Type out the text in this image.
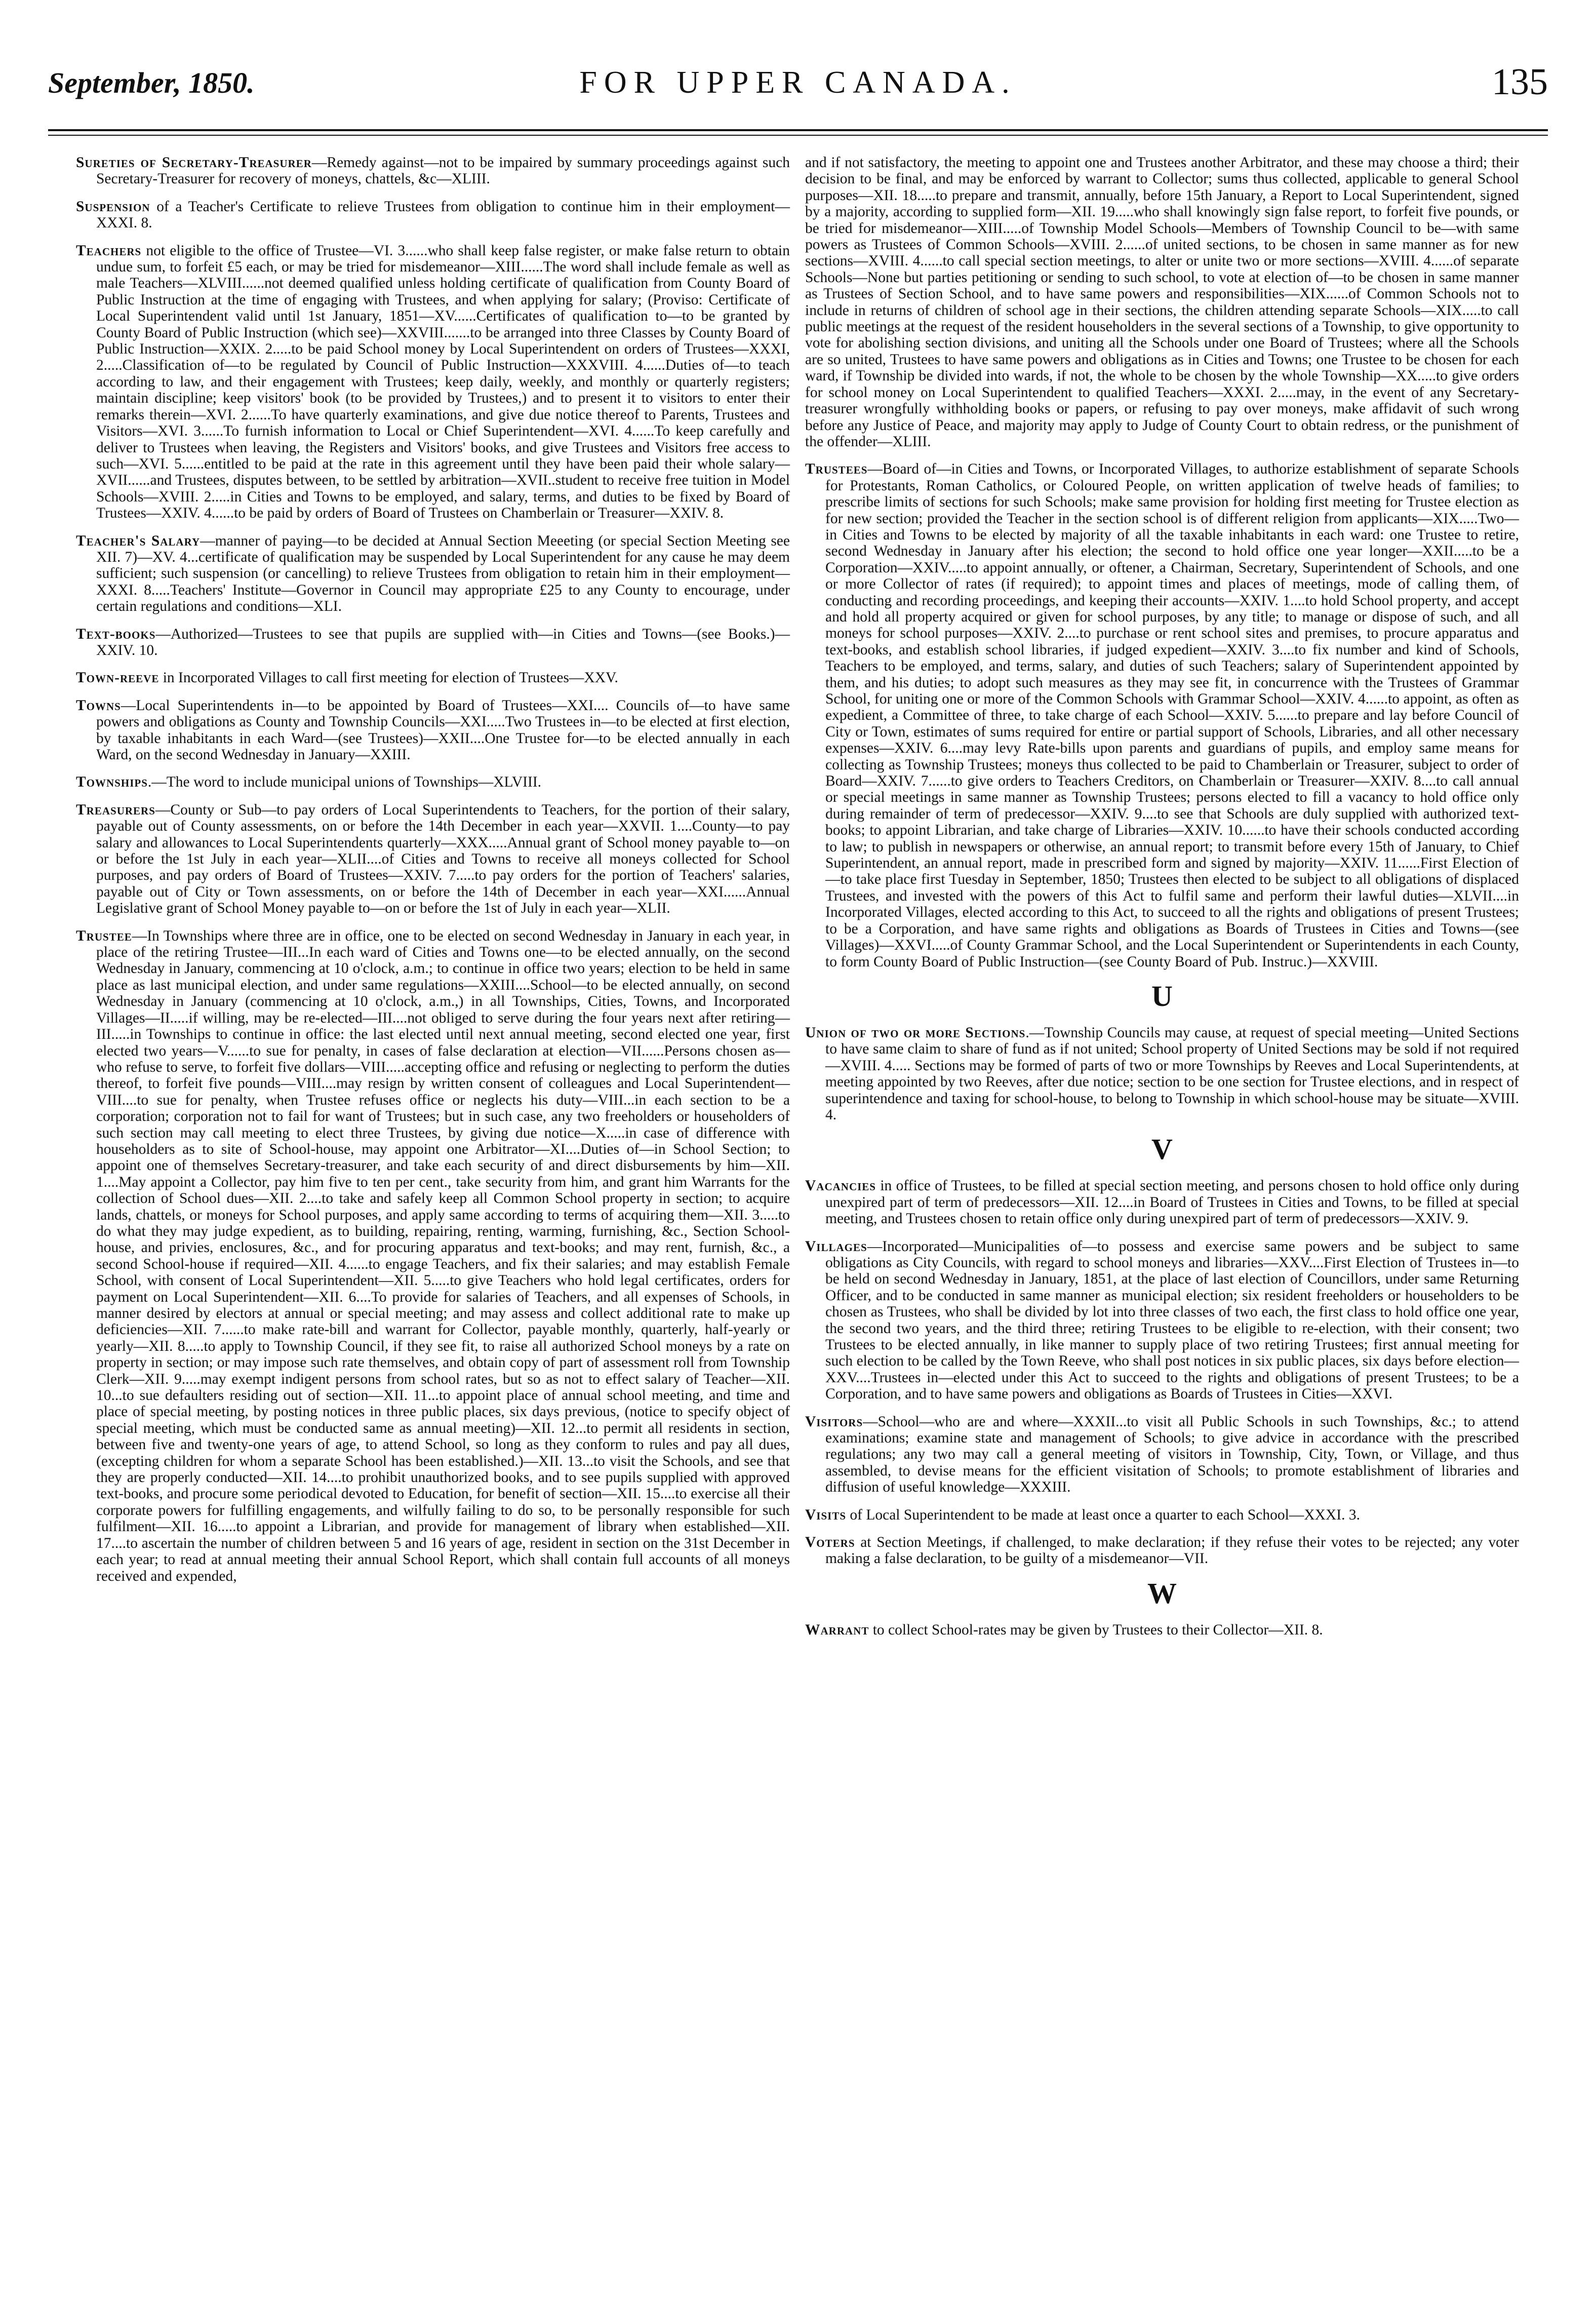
September, 1850.	FOR UPPER CANADA.	135

Sureties of Secretary-Treasurer—Remedy against—not to be impaired by summary proceedings against such Secretary-Treasurer for recovery of moneys, chattels, &c—XLIII.

Suspension of a Teacher's Certificate to relieve Trustees from obligation to continue him in their employment—XXXI. 8.

Teachers not eligible to the office of Trustee—VI. 3......who shall keep false register, or make false return to obtain undue sum, to forfeit £5 each, or may be tried for misdemeanor—XIII......The word shall include female as well as male Teachers—XLVIII......not deemed qualified unless holding certificate of qualification from County Board of Public Instruction at the time of engaging with Trustees, and when applying for salary; (Proviso: Certificate of Local Superintendent valid until 1st January, 1851—XV......Certificates of qualification to—to be granted by County Board of Public Instruction (which see)—XXVIII.......to be arranged into three Classes by County Board of Public Instruction—XXIX. 2.....to be paid School money by Local Superintendent on orders of Trustees—XXXI, 2.....Classification of—to be regulated by Council of Public Instruction—XXXVIII. 4......Duties of—to teach according to law, and their engagement with Trustees; keep daily, weekly, and monthly or quarterly registers; maintain discipline; keep visitors' book (to be provided by Trustees,) and to present it to visitors to enter their remarks therein—XVI. 2......To have quarterly examinations, and give due notice thereof to Parents, Trustees and Visitors—XVI. 3......To furnish information to Local or Chief Superintendent—XVI. 4......To keep carefully and deliver to Trustees when leaving, the Registers and Visitors' books, and give Trustees and Visitors free access to such—XVI. 5......entitled to be paid at the rate in this agreement until they have been paid their whole salary—XVII......and Trustees, disputes between, to be settled by arbitration—XVII..student to receive free tuition in Model Schools—XVIII. 2.....in Cities and Towns to be employed, and salary, terms, and duties to be fixed by Board of Trustees—XXIV. 4......to be paid by orders of Board of Trustees on Chamberlain or Treasurer—XXIV. 8.

Teacher's Salary—manner of paying—to be decided at Annual Section Meeeting (or special Section Meeting see XII. 7)—XV. 4...certificate of qualification may be suspended by Local Superintendent for any cause he may deem sufficient; such suspension (or cancelling) to relieve Trustees from obligation to retain him in their employment—XXXI. 8.....Teachers' Institute—Governor in Council may appropriate £25 to any County to encourage, under certain regulations and conditions—XLI.

Text-books—Authorized—Trustees to see that pupils are supplied with—in Cities and Towns—(see Books.)—XXIV. 10.

Town-reeve in Incorporated Villages to call first meeting for election of Trustees—XXV.

Towns—Local Superintendents in—to be appointed by Board of Trustees—XXI.... Councils of—to have same powers and obligations as County and Township Councils—XXI.....Two Trustees in—to be elected at first election, by taxable inhabitants in each Ward—(see Trustees)—XXII....One Trustee for—to be elected annually in each Ward, on the second Wednesday in January—XXIII.

Townships.—The word to include municipal unions of Townships—XLVIII.

Treasurers—County or Sub—to pay orders of Local Superintendents to Teachers, for the portion of their salary, payable out of County assessments, on or before the 14th December in each year—XXVII. 1....County—to pay salary and allowances to Local Superintendents quarterly—XXX.....Annual grant of School money payable to—on or before the 1st July in each year—XLII....of Cities and Towns to receive all moneys collected for School purposes, and pay orders of Board of Trustees—XXIV. 7.....to pay orders for the portion of Teachers' salaries, payable out of City or Town assessments, on or before the 14th of December in each year—XXI......Annual Legislative grant of School Money payable to—on or before the 1st of July in each year—XLII.

Trustee—In Townships where three are in office, one to be elected on second Wednesday in January in each year, in place of the retiring Trustee—III...In each ward of Cities and Towns one—to be elected annually, on the second Wednesday in January, commencing at 10 o'clock, a.m.; to continue in office two years; election to be held in same place as last municipal election, and under same regulations—XXIII....School—to be elected annually, on second Wednesday in January (commencing at 10 o'clock, a.m.,) in all Townships, Cities, Towns, and Incorporated Villages—II.....if willing, may be re-elected—III....not obliged to serve during the four years next after retiring—III.....in Townships to continue in office: the last elected until next annual meeting, second elected one year, first elected two years—V......to sue for penalty, in cases of false declaration at election—VII......Persons chosen as—who refuse to serve, to forfeit five dollars—VIII.....accepting office and refusing or neglecting to perform the duties thereof, to forfeit five pounds—VIII....may resign by written consent of colleagues and Local Superintendent—VIII....to sue for penalty, when Trustee refuses office or neglects his duty—VIII...in each section to be a corporation; corporation not to fail for want of Trustees; but in such case, any two freeholders or householders of such section may call meeting to elect three Trustees, by giving due notice—X.....in case of difference with householders as to site of School-house, may appoint one Arbitrator—XI....Duties of—in School Section; to appoint one of themselves Secretary-treasurer, and take each security of and direct disbursements by him—XII. 1....May appoint a Collector, pay him five to ten per cent., take security from him, and grant him Warrants for the collection of School dues—XII. 2....to take and safely keep all Common School property in section; to acquire lands, chattels, or moneys for School purposes, and apply same according to terms of acquiring them—XII. 3.....to do what they may judge expedient, as to building, repairing, renting, warming, furnishing, &c., Section School-house, and privies, enclosures, &c., and for procuring apparatus and text-books; and may rent, furnish, &c., a second School-house if required—XII. 4......to engage Teachers, and fix their salaries; and may establish Female School, with consent of Local Superintendent—XII. 5.....to give Teachers who hold legal certificates, orders for payment on Local Superintendent—XII. 6....To provide for salaries of Teachers, and all expenses of Schools, in manner desired by electors at annual or special meeting; and may assess and collect additional rate to make up deficiencies—XII. 7......to make rate-bill and warrant for Collector, payable monthly, quarterly, half-yearly or yearly—XII. 8.....to apply to Township Council, if they see fit, to raise all authorized School moneys by a rate on property in section; or may impose such rate themselves, and obtain copy of part of assessment roll from Township Clerk—XII. 9.....may exempt indigent persons from school rates, but so as not to effect salary of Teacher—XII. 10...to sue defaulters residing out of section—XII. 11...to appoint place of annual school meeting, and time and place of special meeting, by posting notices in three public places, six days previous, (notice to specify object of special meeting, which must be conducted same as annual meeting)—XII. 12...to permit all residents in section, between five and twenty-one years of age, to attend School, so long as they conform to rules and pay all dues, (excepting children for whom a separate School has been established.)—XII. 13...to visit the Schools, and see that they are properly conducted—XII. 14....to prohibit unauthorized books, and to see pupils supplied with approved text-books, and procure some periodical devoted to Education, for benefit of section—XII. 15....to exercise all their corporate powers for fulfilling engagements, and wilfully failing to do so, to be personally responsible for such fulfilment—XII. 16.....to appoint a Librarian, and provide for management of library when established—XII. 17....to ascertain the number of children between 5 and 16 years of age, resident in section on the 31st December in each year; to read at annual meeting their annual School Report, which shall contain full accounts of all moneys received and expended,

and if not satisfactory, the meeting to appoint one and Trustees another Arbitrator, and these may choose a third; their decision to be final, and may be enforced by warrant to Collector; sums thus collected, applicable to general School purposes—XII. 18.....to prepare and transmit, annually, before 15th January, a Report to Local Superintendent, signed by a majority, according to supplied form—XII. 19.....who shall knowingly sign false report, to forfeit five pounds, or be tried for misdemeanor—XIII.....of Township Model Schools—Members of Township Council to be—with same powers as Trustees of Common Schools—XVIII. 2......of united sections, to be chosen in same manner as for new sections—XVIII. 4......to call special section meetings, to alter or unite two or more sections—XVIII. 4......of separate Schools—None but parties petitioning or sending to such school, to vote at election of—to be chosen in same manner as Trustees of Section School, and to have same powers and responsibilities—XIX......of Common Schools not to include in returns of children of school age in their sections, the children attending separate Schools—XIX.....to call public meetings at the request of the resident householders in the several sections of a Township, to give opportunity to vote for abolishing section divisions, and uniting all the Schools under one Board of Trustees; where all the Schools are so united, Trustees to have same powers and obligations as in Cities and Towns; one Trustee to be chosen for each ward, if Township be divided into wards, if not, the whole to be chosen by the whole Township—XX.....to give orders for school money on Local Superintendent to qualified Teachers—XXXI. 2.....may, in the event of any Secretary-treasurer wrongfully withholding books or papers, or refusing to pay over moneys, make affidavit of such wrong before any Justice of Peace, and majority may apply to Judge of County Court to obtain redress, or the punishment of the offender—XLIII.

Trustees—Board of—in Cities and Towns, or Incorporated Villages, to authorize establishment of separate Schools for Protestants, Roman Catholics, or Coloured People, on written application of twelve heads of families; to prescribe limits of sections for such Schools; make same provision for holding first meeting for Trustee election as for new section; provided the Teacher in the section school is of different religion from applicants—XIX.....Two—in Cities and Towns to be elected by majority of all the taxable inhabitants in each ward: one Trustee to retire, second Wednesday in January after his election; the second to hold office one year longer—XXII.....to be a Corporation—XXIV.....to appoint annually, or oftener, a Chairman, Secretary, Superintendent of Schools, and one or more Collector of rates (if required); to appoint times and places of meetings, mode of calling them, of conducting and recording proceedings, and keeping their accounts—XXIV. 1....to hold School property, and accept and hold all property acquired or given for school purposes, by any title; to manage or dispose of such, and all moneys for school purposes—XXIV. 2....to purchase or rent school sites and premises, to procure apparatus and text-books, and establish school libraries, if judged expedient—XXIV. 3....to fix number and kind of Schools, Teachers to be employed, and terms, salary, and duties of such Teachers; salary of Superintendent appointed by them, and his duties; to adopt such measures as they may see fit, in concurrence with the Trustees of Grammar School, for uniting one or more of the Common Schools with Grammar School—XXIV. 4......to appoint, as often as expedient, a Committee of three, to take charge of each School—XXIV. 5......to prepare and lay before Council of City or Town, estimates of sums required for entire or partial support of Schools, Libraries, and all other necessary expenses—XXIV. 6....may levy Rate-bills upon parents and guardians of pupils, and employ same means for collecting as Township Trustees; moneys thus collected to be paid to Chamberlain or Treasurer, subject to order of Board—XXIV. 7......to give orders to Teachers Creditors, on Chamberlain or Treasurer—XXIV. 8....to call annual or special meetings in same manner as Township Trustees; persons elected to fill a vacancy to hold office only during remainder of term of predecessor—XXIV. 9....to see that Schools are duly supplied with authorized text-books; to appoint Librarian, and take charge of Libraries—XXIV. 10......to have their schools conducted according to law; to publish in newspapers or otherwise, an annual report; to transmit before every 15th of January, to Chief Superintendent, an annual report, made in prescribed form and signed by majority—XXIV. 11......First Election of—to take place first Tuesday in September, 1850; Trustees then elected to be subject to all obligations of displaced Trustees, and invested with the powers of this Act to fulfil same and perform their lawful duties—XLVII....in Incorporated Villages, elected according to this Act, to succeed to all the rights and obligations of present Trustees; to be a Corporation, and have same rights and obligations as Boards of Trustees in Cities and Towns—(see Villages)—XXVI.....of County Grammar School, and the Local Superintendent or Superintendents in each County, to form County Board of Public Instruction—(see County Board of Pub. Instruc.)—XXVIII.

U

Union of two or more Sections.—Township Councils may cause, at request of special meeting—United Sections to have same claim to share of fund as if not united; School property of United Sections may be sold if not required—XVIII. 4..... Sections may be formed of parts of two or more Townships by Reeves and Local Superintendents, at meeting appointed by two Reeves, after due notice; section to be one section for Trustee elections, and in respect of superintendence and taxing for school-house, to belong to Township in which school-house may be situate—XVIII. 4.

V

Vacancies in office of Trustees, to be filled at special section meeting, and persons chosen to hold office only during unexpired part of term of predecessors—XII. 12....in Board of Trustees in Cities and Towns, to be filled at special meeting, and Trustees chosen to retain office only during unexpired part of term of predecessors—XXIV. 9.

Villages—Incorporated—Municipalities of—to possess and exercise same powers and be subject to same obligations as City Councils, with regard to school moneys and libraries—XXV....First Election of Trustees in—to be held on second Wednesday in January, 1851, at the place of last election of Councillors, under same Returning Officer, and to be conducted in same manner as municipal election; six resident freeholders or householders to be chosen as Trustees, who shall be divided by lot into three classes of two each, the first class to hold office one year, the second two years, and the third three; retiring Trustees to be eligible to re-election, with their consent; two Trustees to be elected annually, in like manner to supply place of two retiring Trustees; first annual meeting for such election to be called by the Town Reeve, who shall post notices in six public places, six days before election—XXV....Trustees in—elected under this Act to succeed to the rights and obligations of present Trustees; to be a Corporation, and to have same powers and obligations as Boards of Trustees in Cities—XXVI.

Visitors—School—who are and where—XXXII...to visit all Public Schools in such Townships, &c.; to attend examinations; examine state and management of Schools; to give advice in accordance with the prescribed regulations; any two may call a general meeting of visitors in Township, City, Town, or Village, and thus assembled, to devise means for the efficient visitation of Schools; to promote establishment of libraries and diffusion of useful knowledge—XXXIII.

Visits of Local Superintendent to be made at least once a quarter to each School—XXXI. 3.

Voters at Section Meetings, if challenged, to make declaration; if they refuse their votes to be rejected; any voter making a false declaration, to be guilty of a misdemeanor—VII.

W

Warrant to collect School-rates may be given by Trustees to their Collector—XII. 8.
